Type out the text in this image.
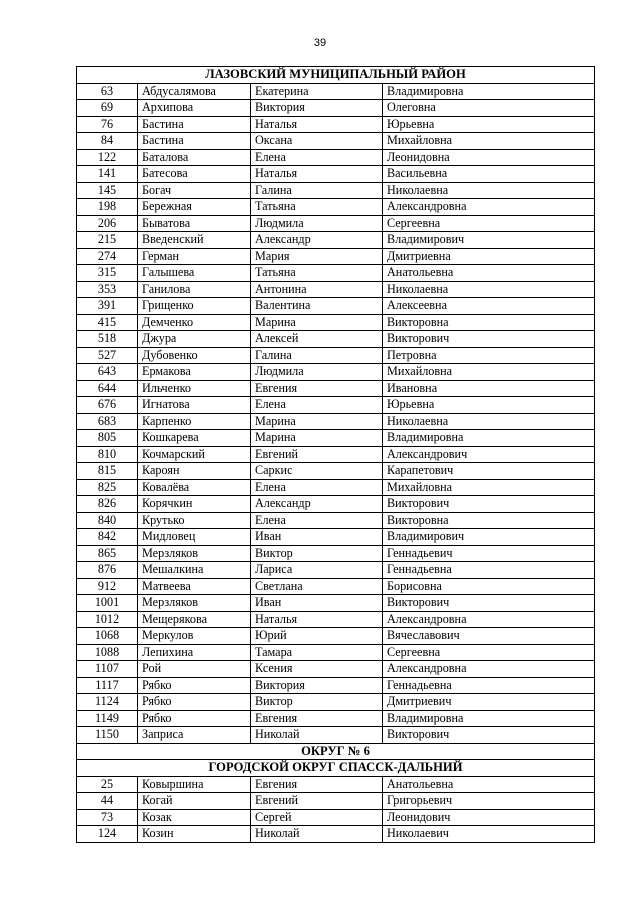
39
ЛАЗОВСКИЙ МУНИЦИПАЛЬНЫЙ РАЙОН			
63	Абдусалямова	Екатерина	Владимировна
69	Архипова	Виктория	Олеговна
76	Бастина	Наталья	Юрьевна
84	Бастина	Оксана	Михайловна
122	Баталова	Елена	Леонидовна
141	Батесова	Наталья	Васильевна
145	Богач	Галина	Николаевна
198	Бережная	Татьяна	Александровна
206	Быватова	Людмила	Сергеевна
215	Введенский	Александр	Владимирович
274	Герман	Мария	Дмитриевна
315	Галышева	Татьяна	Анатольевна
353	Ганилова	Антонина	Николаевна
391	Грищенко	Валентина	Алексеевна
415	Демченко	Марина	Викторовна
518	Джура	Алексей	Викторович
527	Дубовенко	Галина	Петровна
643	Ермакова	Людмила	Михайловна
644	Ильченко	Евгения	Ивановна
676	Игнатова	Елена	Юрьевна
683	Карпенко	Марина	Николаевна
805	Кошкарева	Марина	Владимировна
810	Кочмарский	Евгений	Александрович
815	Кароян	Саркис	Карапетович
825	Ковалёва	Елена	Михайловна
826	Корячкин	Александр	Викторович
840	Крутько	Елена	Викторовна
842	Мидловец	Иван	Владимирович
865	Мерзляков	Виктор	Геннадьевич
876	Мешалкина	Лариса	Геннадьевна
912	Матвеева	Светлана	Борисовна
1001	Мерзляков	Иван	Викторович
1012	Мещерякова	Наталья	Александровна
1068	Меркулов	Юрий	Вячеславович
1088	Лепихина	Тамара	Сергеевна
1107	Рой	Ксения	Александровна
1117	Рябко	Виктория	Геннадьевна
1124	Рябко	Виктор	Дмитриевич
1149	Рябко	Евгения	Владимировна
1150	Заприса	Николай	Викторович
ОКРУГ № 6			
ГОРОДСКОЙ ОКРУГ СПАССК-ДАЛЬНИЙ			
25	Ковыршина	Евгения	Анатольевна
44	Когай	Евгений	Григорьевич
73	Козак	Сергей	Леонидович
124	Козин	Николай	Николаевич
